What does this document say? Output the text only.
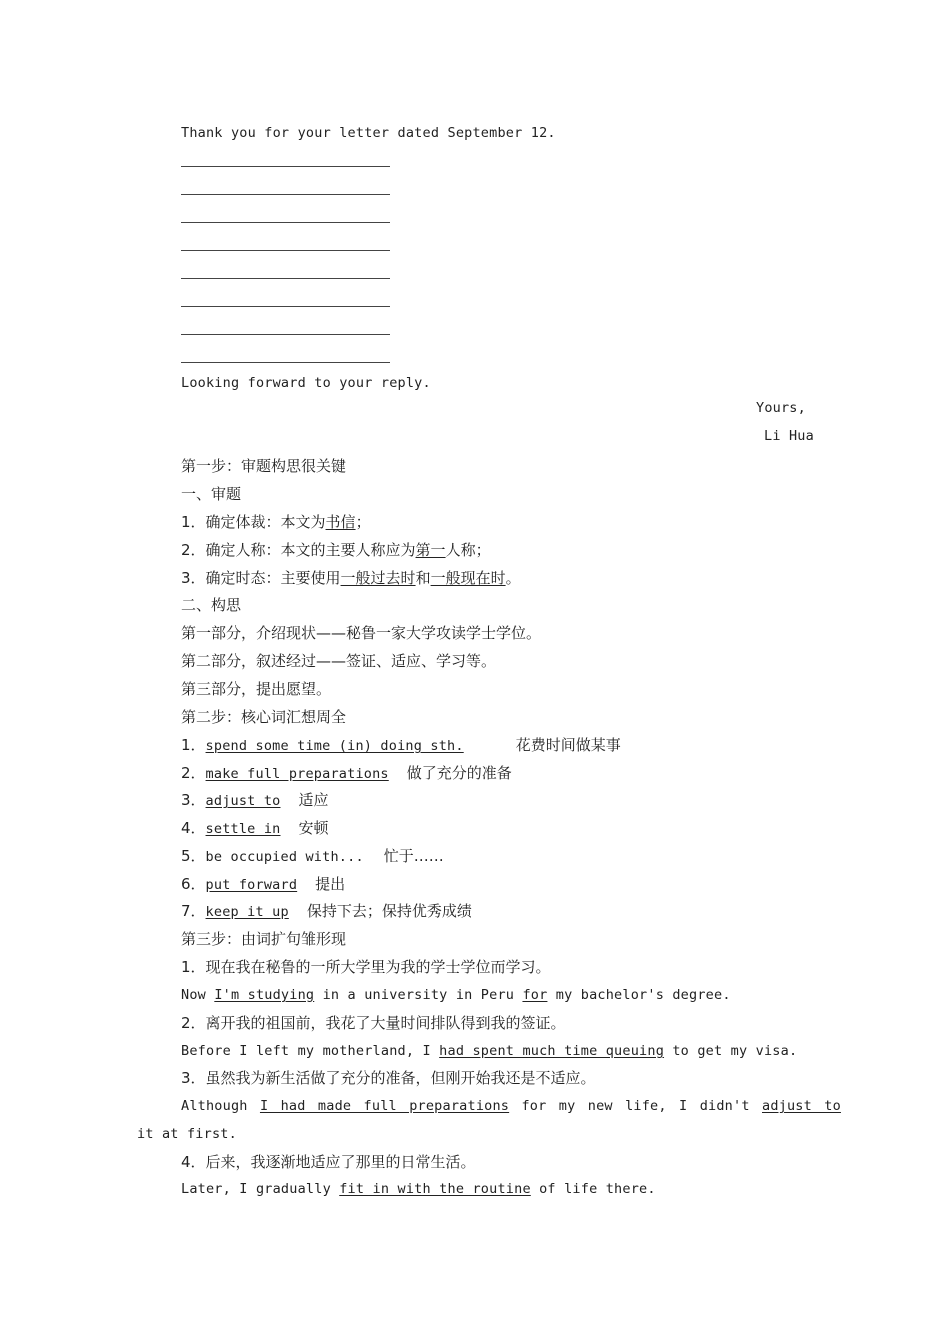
Thank you for your letter dated September 12.
Looking forward to your reply.
Yours,
Li Hua
第一步：审题构思很关键
一、审题
1．确定体裁：本文为书信；
2．确定人称：本文的主要人称应为第一人称；
3．确定时态：主要使用一般过去时和一般现在时。
二、构思
第一部分，介绍现状——秘鲁一家大学攻读学士学位。
第二部分，叙述经过——签证、适应、学习等。
第三部分，提出愿望。
第二步：核心词汇想周全
1．spend some time (in) doing sth.	花费时间做某事
2．make full preparations 做了充分的准备
3．adjust to 适应
4．settle in 安顿
5．be occupied with... 忙于……
6．put forward 提出
7．keep it up 保持下去；保持优秀成绩
第三步：由词扩句雏形现
1．现在我在秘鲁的一所大学里为我的学士学位而学习。
Now I'm studying in a university in Peru for my bachelor's degree.
2．离开我的祖国前，我花了大量时间排队得到我的签证。
Before I left my motherland, I had spent much time queuing to get my visa.
3．虽然我为新生活做了充分的准备，但刚开始我还是不适应。
Although I had made full preparations for my new life, I didn't adjust to
it at first.
4．后来，我逐渐地适应了那里的日常生活。
Later, I gradually fit in with the routine of life there.
